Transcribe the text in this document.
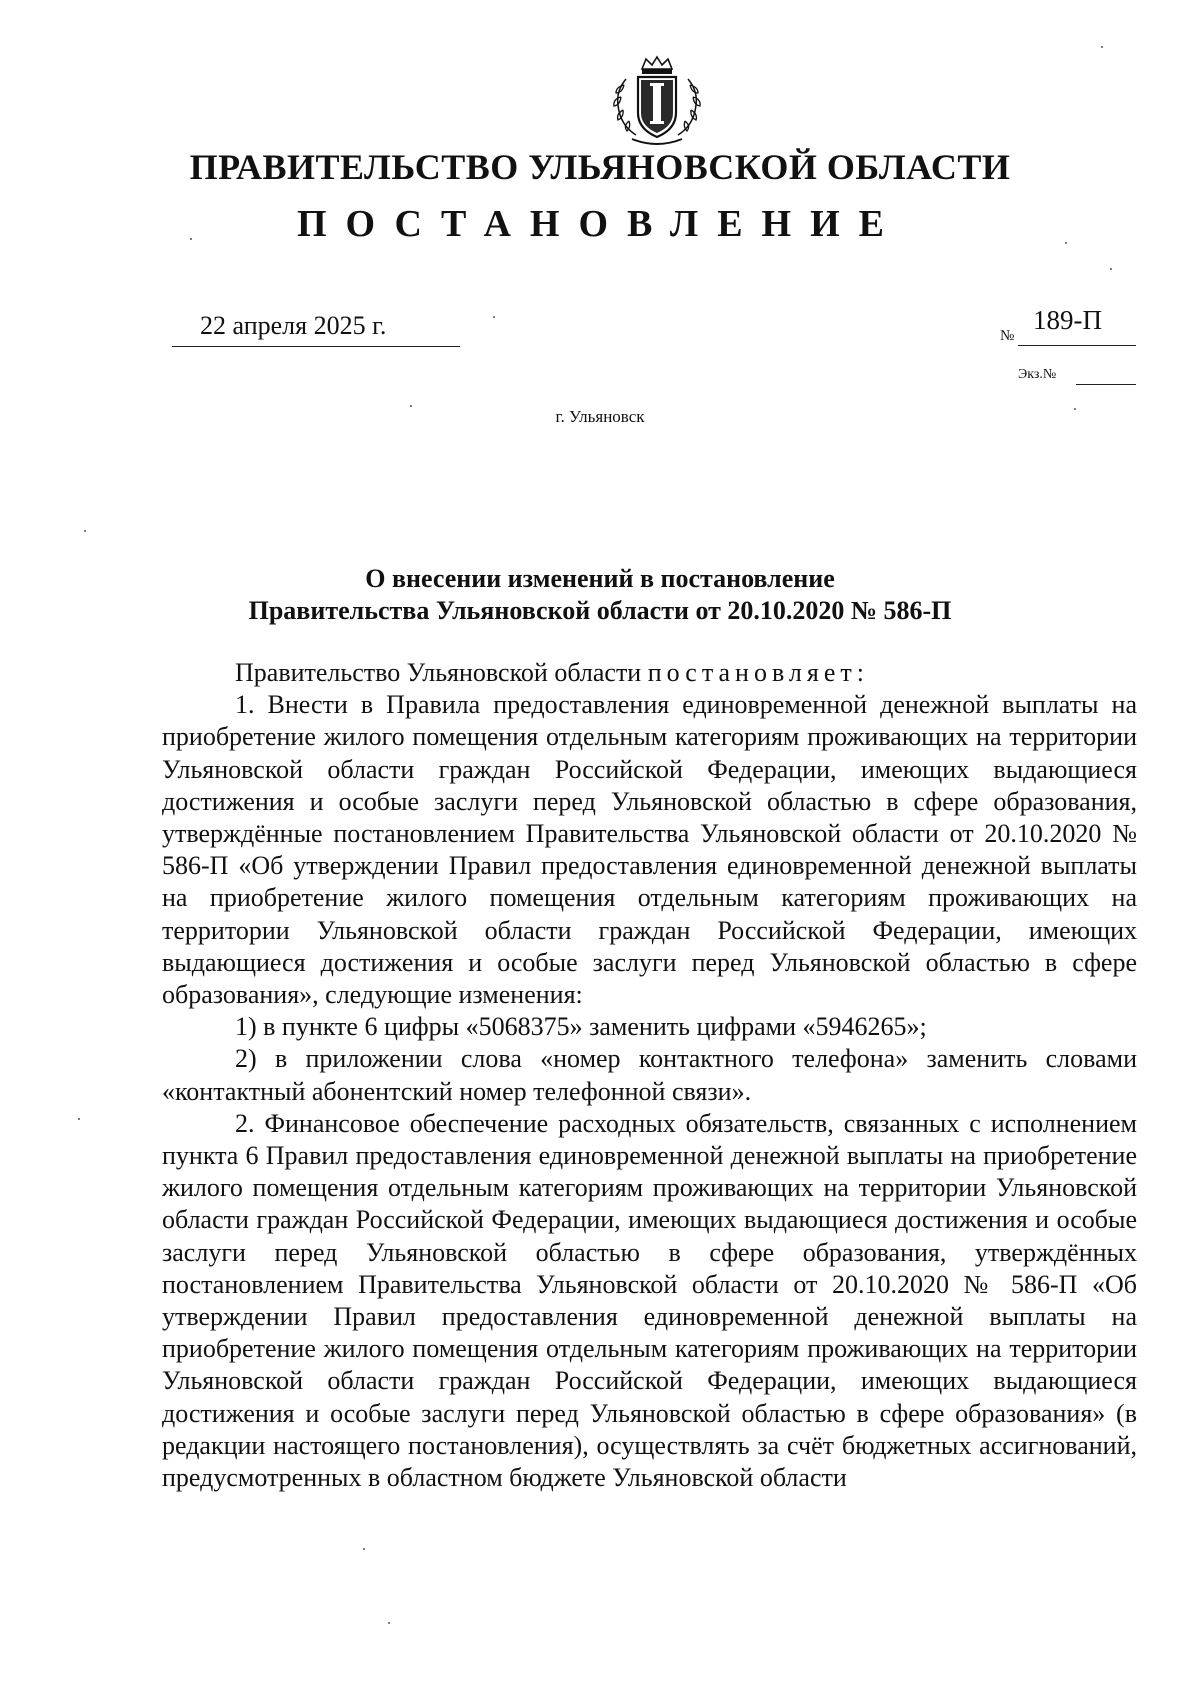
ПРАВИТЕЛЬСТВО УЛЬЯНОВСКОЙ ОБЛАСТИ
ПОСТАНОВЛЕНИЕ
22 апреля 2025 г.	№
189-П
Экз.№
г. Ульяновск
О внесении изменений в постановление
Правительства Ульяновской области от 20.10.2020 № 586-П

Правительство Ульяновской области постановляет:

1. Внести в Правила предоставления единовременной денежной выплаты на приобретение жилого помещения отдельным категориям проживающих на территории Ульяновской области граждан Российской Федерации, имеющих выдающиеся достижения и особые заслуги перед Ульяновской областью в сфере образования, утверждённые постановлением Правительства Ульяновской области от 20.10.2020 № 586-П «Об утверждении Правил предоставления единовременной денежной выплаты на приобретение жилого помещения отдельным категориям проживающих на территории Ульяновской области граждан Российской Федерации, имеющих выдающиеся достижения и особые заслуги перед Ульяновской областью в сфере образования», следующие изменения:

1) в пункте 6 цифры «5068375» заменить цифрами «5946265»;

2) в приложении слова «номер контактного телефона» заменить словами «контактный абонентский номер телефонной связи».

2. Финансовое обеспечение расходных обязательств, связанных с исполнением пункта 6 Правил предоставления единовременной денежной выплаты на приобретение жилого помещения отдельным категориям проживающих на территории Ульяновской области граждан Российской Федерации, имеющих выдающиеся достижения и особые заслуги перед Ульяновской областью в сфере образования, утверждённых постановлением Правительства Ульяновской области от 20.10.2020 № 586-П «Об утверждении Правил предоставления единовременной денежной выплаты на приобретение жилого помещения отдельным категориям проживающих на территории Ульяновской области граждан Российской Федерации, имеющих выдающиеся достижения и особые заслуги перед Ульяновской областью в сфере образования» (в редакции настоящего постановления), осуществлять за счёт бюджетных ассигнований, предусмотренных в областном бюджете Ульяновской области
